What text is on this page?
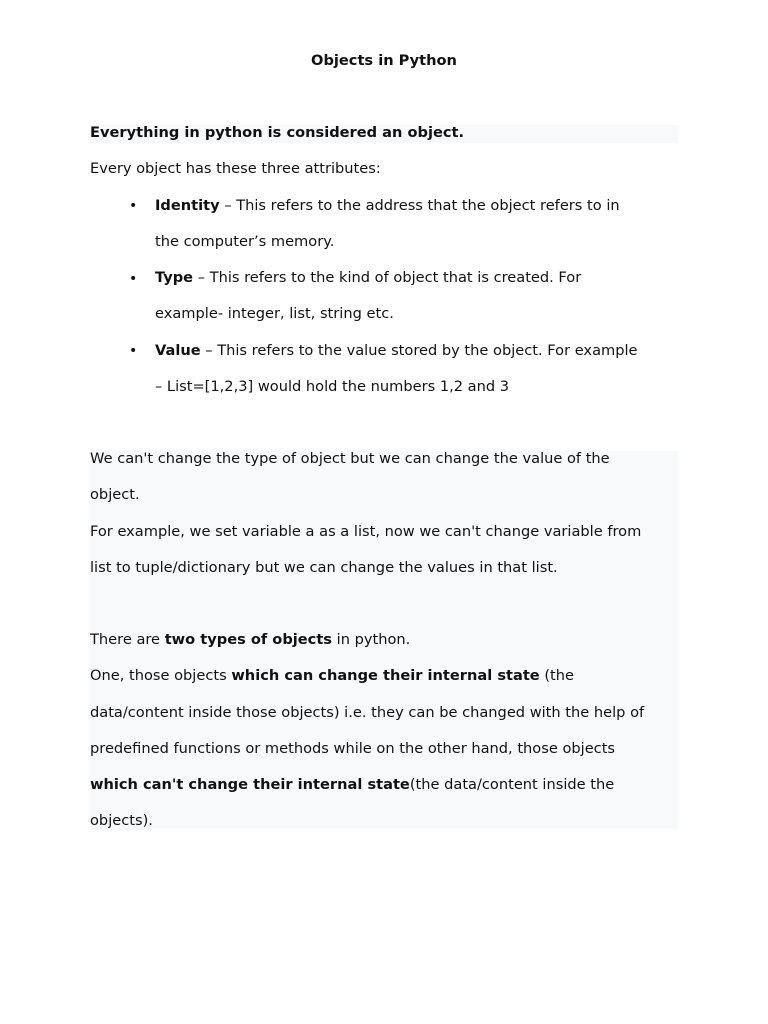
Objects in Python
Everything in python is considered an object.
Every object has these three attributes:
• Identity – This refers to the address that the object refers to in
the computer’s memory.
• Type – This refers to the kind of object that is created. For
example- integer, list, string etc.
• Value – This refers to the value stored by the object. For example
– List=[1,2,3] would hold the numbers 1,2 and 3
We can't change the type of object but we can change the value of the
object.
For example, we set variable a as a list, now we can't change variable from
list to tuple/dictionary but we can change the values in that list.
There are two types of objects in python.
One, those objects which can change their internal state (the
data/content inside those objects) i.e. they can be changed with the help of
predefined functions or methods while on the other hand, those objects
which can't change their internal state(the data/content inside the
objects).
